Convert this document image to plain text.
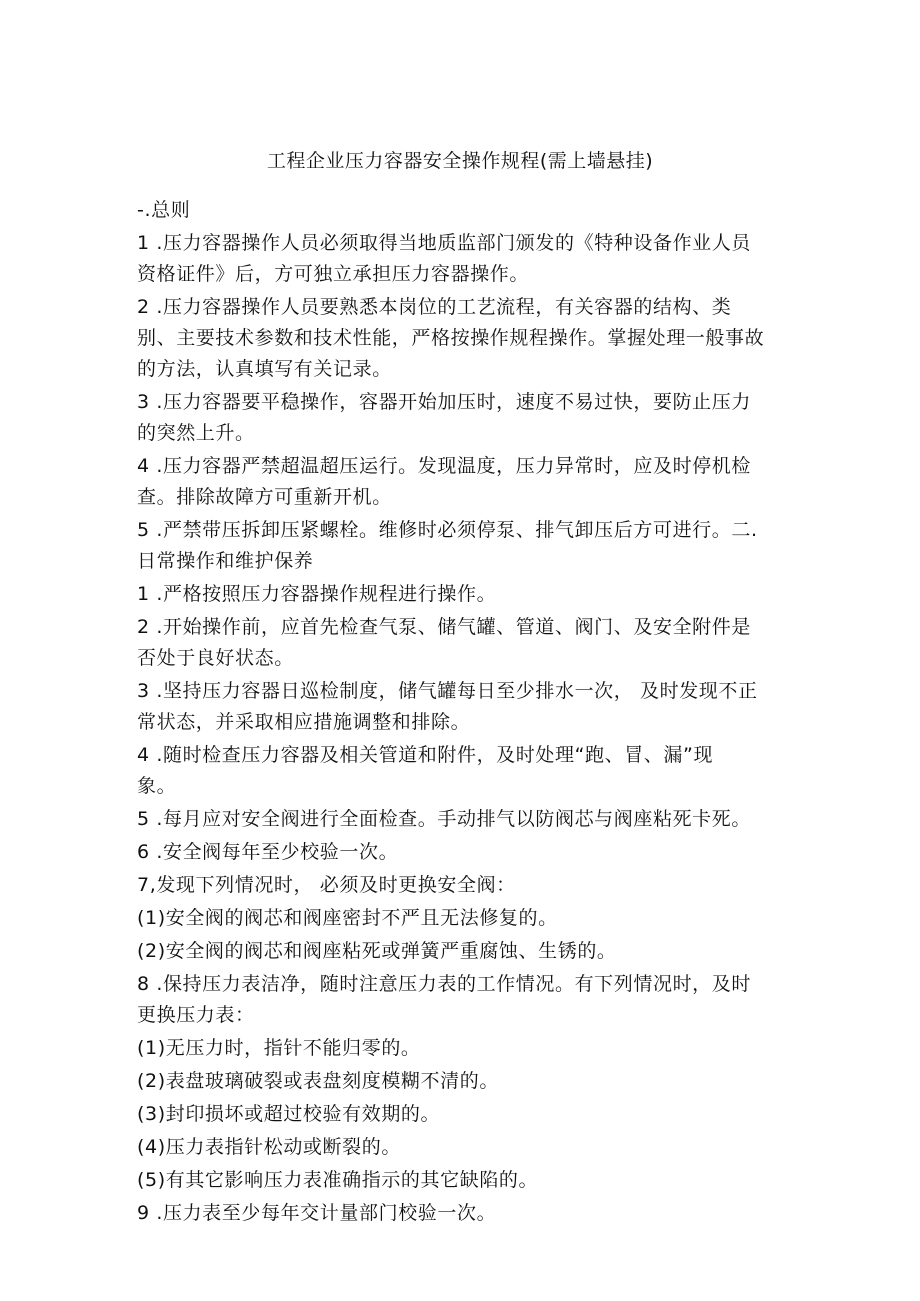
工程企业压力容器安全操作规程(需上墙悬挂)
-.总则
1 .压力容器操作人员必须取得当地质监部门颁发的《特种设备作业人员
资格证件》后，方可独立承担压力容器操作。
2 .压力容器操作人员要熟悉本岗位的工艺流程，有关容器的结构、类
别、主要技术参数和技术性能，严格按操作规程操作。掌握处理一般事故
的方法，认真填写有关记录。
3 .压力容器要平稳操作，容器开始加压时，速度不易过快，要防止压力
的突然上升。
4 .压力容器严禁超温超压运行。发现温度，压力异常时，应及时停机检
查。排除故障方可重新开机。
5 .严禁带压拆卸压紧螺栓。维修时必须停泵、排气卸压后方可进行。二.
日常操作和维护保养
1 .严格按照压力容器操作规程进行操作。
2 .开始操作前，应首先检查气泵、储气罐、管道、阀门、及安全附件是
否处于良好状态。
3 .坚持压力容器日巡检制度，储气罐每日至少排水一次， 及时发现不正
常状态，并采取相应措施调整和排除。
4 .随时检查压力容器及相关管道和附件，及时处理“跑、冒、漏”现
象。
5 .每月应对安全阀进行全面检查。手动排气以防阀芯与阀座粘死卡死。
6 .安全阀每年至少校验一次。
7,发现下列情况时， 必须及时更换安全阀：
(1)安全阀的阀芯和阀座密封不严且无法修复的。
(2)安全阀的阀芯和阀座粘死或弹簧严重腐蚀、生锈的。
8 .保持压力表洁净，随时注意压力表的工作情况。有下列情况时，及时
更换压力表：
(1)无压力时，指针不能归零的。
(2)表盘玻璃破裂或表盘刻度模糊不清的。
(3)封印损坏或超过校验有效期的。
(4)压力表指针松动或断裂的。
(5)有其它影响压力表准确指示的其它缺陷的。
9 .压力表至少每年交计量部门校验一次。
